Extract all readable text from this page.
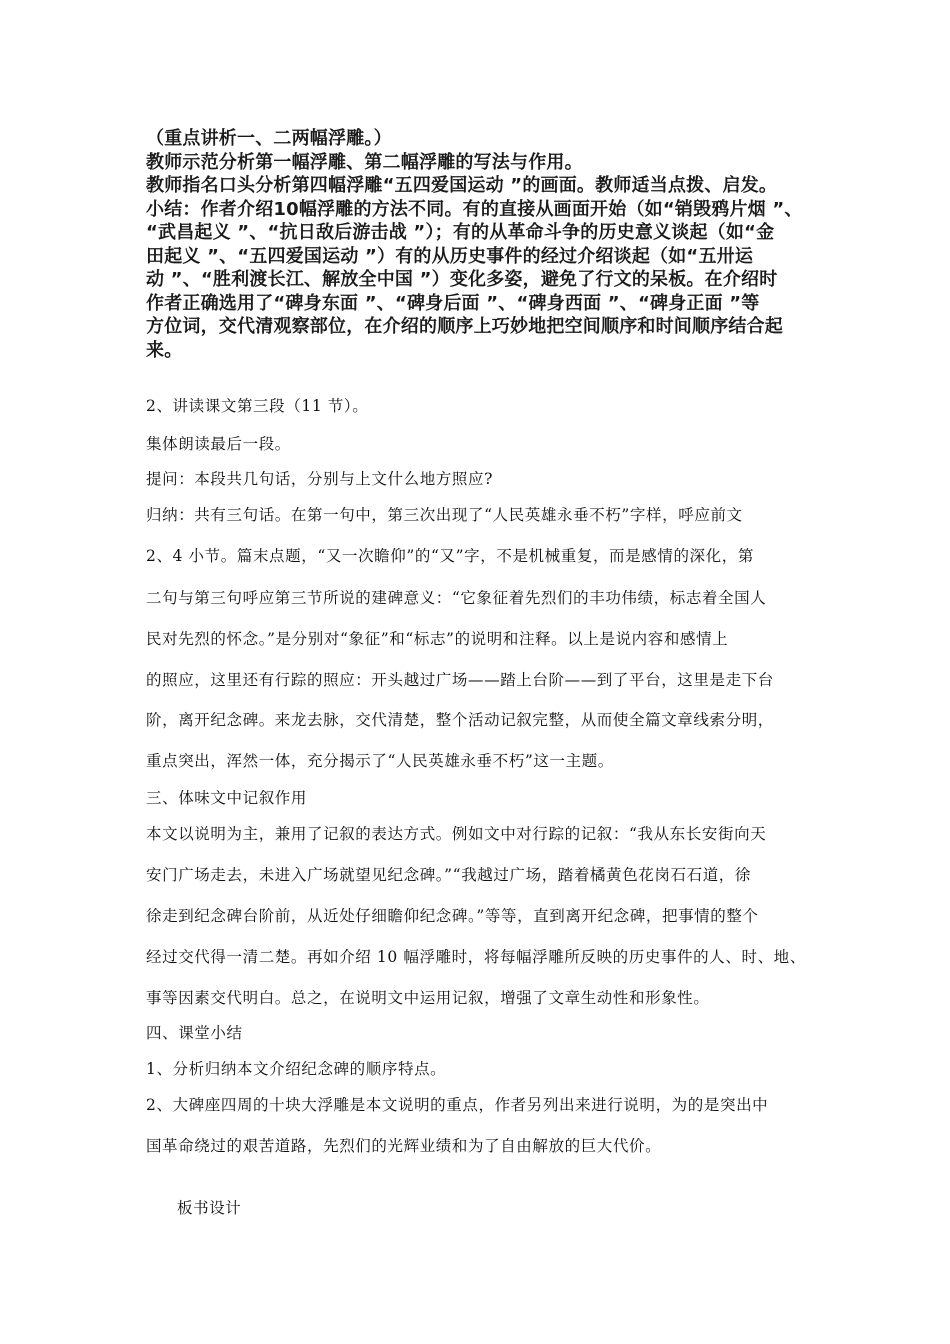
（重点讲析一、二两幅浮雕。）

教师示范分析第一幅浮雕、第二幅浮雕的写法与作用。

教师指名口头分析第四幅浮雕“五四爱国运动 ”的画面。教师适当点拨、启发。

小结：作者介绍10幅浮雕的方法不同。有的直接从画面开始（如“销毁鸦片烟 ”、

“武昌起义 ”、“抗日敌后游击战 ”）；有的从革命斗争的历史意义谈起（如“金

田起义 ”、“五四爱国运动 ”）有的从历史事件的经过介绍谈起（如“五卅运

动 ”、“胜利渡长江、解放全中国 ”）变化多姿，避免了行文的呆板。在介绍时

作者正确选用了“碑身东面 ”、“碑身后面 ”、“碑身西面 ”、“碑身正面 ”等

方位词，交代清观察部位，在介绍的顺序上巧妙地把空间顺序和时间顺序结合起

来。

2、讲读课文第三段（11 节）。

集体朗读最后一段。

提问：本段共几句话，分别与上文什么地方照应?

归纳：共有三句话。在第一句中，第三次出现了“人民英雄永垂不朽”字样，呼应前文

2、4 小节。篇末点题，“又一次瞻仰”的“又”字，不是机械重复，而是感情的深化，第

二句与第三句呼应第三节所说的建碑意义：“它象征着先烈们的丰功伟绩，标志着全国人

民对先烈的怀念。”是分别对“象征”和“标志”的说明和注释。以上是说内容和感情上

的照应，这里还有行踪的照应：开头越过广场——踏上台阶——到了平台，这里是走下台

阶，离开纪念碑。来龙去脉，交代清楚，整个活动记叙完整，从而使全篇文章线索分明，

重点突出，浑然一体，充分揭示了“人民英雄永垂不朽”这一主题。

三、体味文中记叙作用

本文以说明为主，兼用了记叙的表达方式。例如文中对行踪的记叙：“我从东长安街向天

安门广场走去，未进入广场就望见纪念碑。”“我越过广场，踏着橘黄色花岗石石道，徐

徐走到纪念碑台阶前，从近处仔细瞻仰纪念碑。”等等，直到离开纪念碑，把事情的整个

经过交代得一清二楚。再如介绍 10 幅浮雕时，将每幅浮雕所反映的历史事件的人、时、地、

事等因素交代明白。总之，在说明文中运用记叙，增强了文章生动性和形象性。

四、课堂小结

1、分析归纳本文介绍纪念碑的顺序特点。

2、大碑座四周的十块大浮雕是本文说明的重点，作者另列出来进行说明，为的是突出中

国革命绕过的艰苦道路，先烈们的光辉业绩和为了自由解放的巨大代价。

板书设计
